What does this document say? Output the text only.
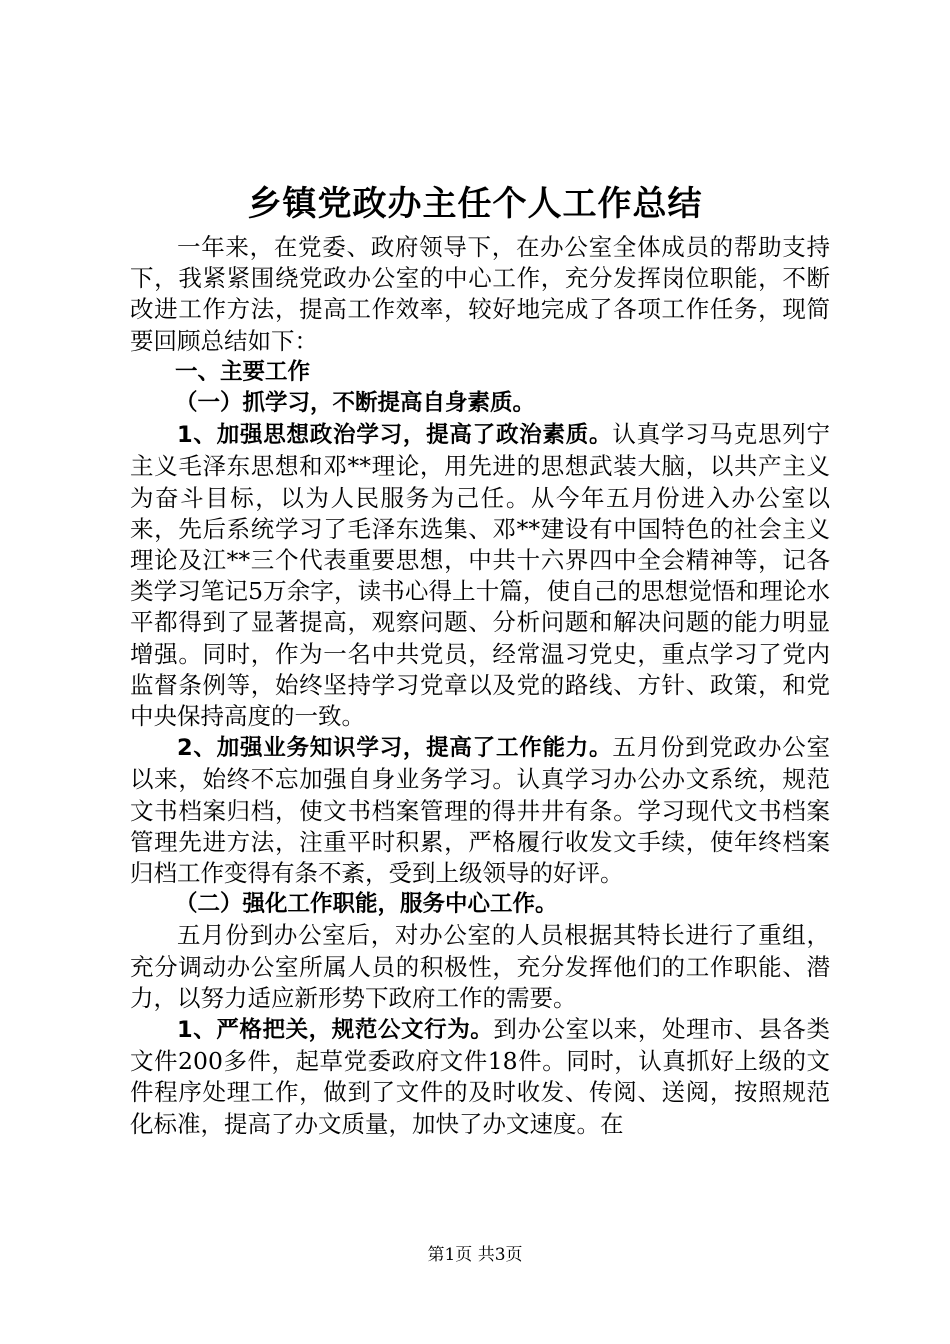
乡镇党政办主任个人工作总结

一年来，在党委、政府领导下，在办公室全体成员的帮助支持下，我紧紧围绕党政办公室的中心工作，充分发挥岗位职能，不断改进工作方法，提高工作效率，较好地完成了各项工作任务，现简要回顾总结如下：

一、主要工作

（一）抓学习，不断提高自身素质。

1、加强思想政治学习，提高了政治素质。认真学习马克思列宁主义毛泽东思想和邓**理论，用先进的思想武装大脑，以共产主义为奋斗目标，以为人民服务为己任。从今年五月份进入办公室以来，先后系统学习了毛泽东选集、邓**建设有中国特色的社会主义理论及江**三个代表重要思想，中共十六界四中全会精神等，记各类学习笔记5万余字，读书心得上十篇，使自己的思想觉悟和理论水平都得到了显著提高，观察问题、分析问题和解决问题的能力明显增强。同时，作为一名中共党员，经常温习党史，重点学习了党内监督条例等，始终坚持学习党章以及党的路线、方针、政策，和党中央保持高度的一致。

2、加强业务知识学习，提高了工作能力。五月份到党政办公室以来，始终不忘加强自身业务学习。认真学习办公办文系统，规范文书档案归档，使文书档案管理的得井井有条。学习现代文书档案管理先进方法，注重平时积累，严格履行收发文手续，使年终档案归档工作变得有条不紊，受到上级领导的好评。

（二）强化工作职能，服务中心工作。

五月份到办公室后，对办公室的人员根据其特长进行了重组，充分调动办公室所属人员的积极性，充分发挥他们的工作职能、潜力，以努力适应新形势下政府工作的需要。

1、严格把关，规范公文行为。到办公室以来，处理市、县各类文件200多件，起草党委政府文件18件。同时，认真抓好上级的文件程序处理工作，做到了文件的及时收发、传阅、送阅，按照规范化标准，提高了办文质量，加快了办文速度。在

第1页 共3页
